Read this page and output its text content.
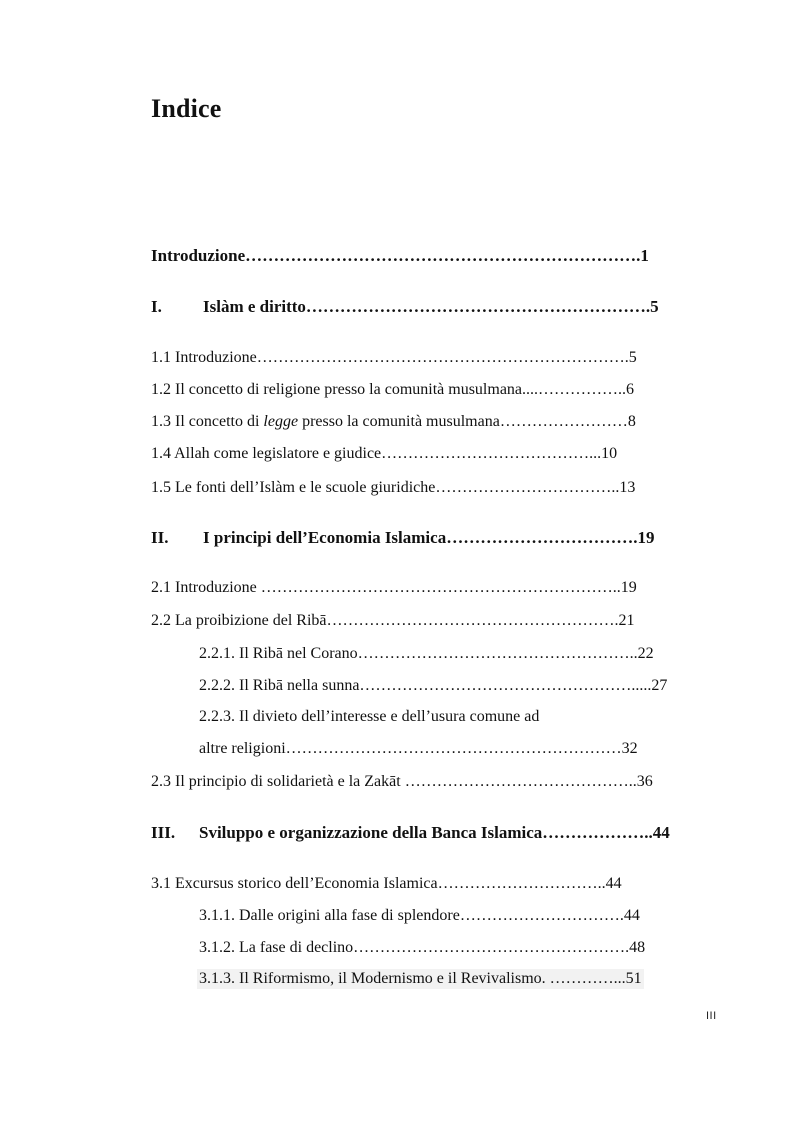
Indice
Introduzione…………………………………………………………….1
I. Islàm e diritto…………………………………………………….5
1.1 Introduzione…………………………………………………………….5
1.2 Il concetto di religione presso la comunità musulmana....……………..6
1.3 Il concetto di legge presso la comunità musulmana……………………8
1.4 Allah come legislatore e giudice…………………………………...10
1.5 Le fonti dell’Islàm e le scuole giuridiche……………………………..13
II. I principi dell’Economia Islamica…………………………….19
2.1 Introduzione …………………………………………………………..19
2.2 La proibizione del Ribā……………………………………………….21
2.2.1. Il Ribā nel Corano……………………………………………..22
2.2.2. Il Ribā nella sunna…………………………………………….....27
2.2.3. Il divieto dell’interesse e dell’usura comune ad
altre religioni………………………………………………………32
2.3 Il principio di solidarietà e la Zakāt ……………………………………..36
III. Sviluppo e organizzazione della Banca Islamica………………..44
3.1 Excursus storico dell’Economia Islamica…………………………..44
3.1.1. Dalle origini alla fase di splendore………………………….44
3.1.2. La fase di declino…………………………………………….48
3.1.3. Il Riformismo, il Modernismo e il Revivalismo. …………...51
III
